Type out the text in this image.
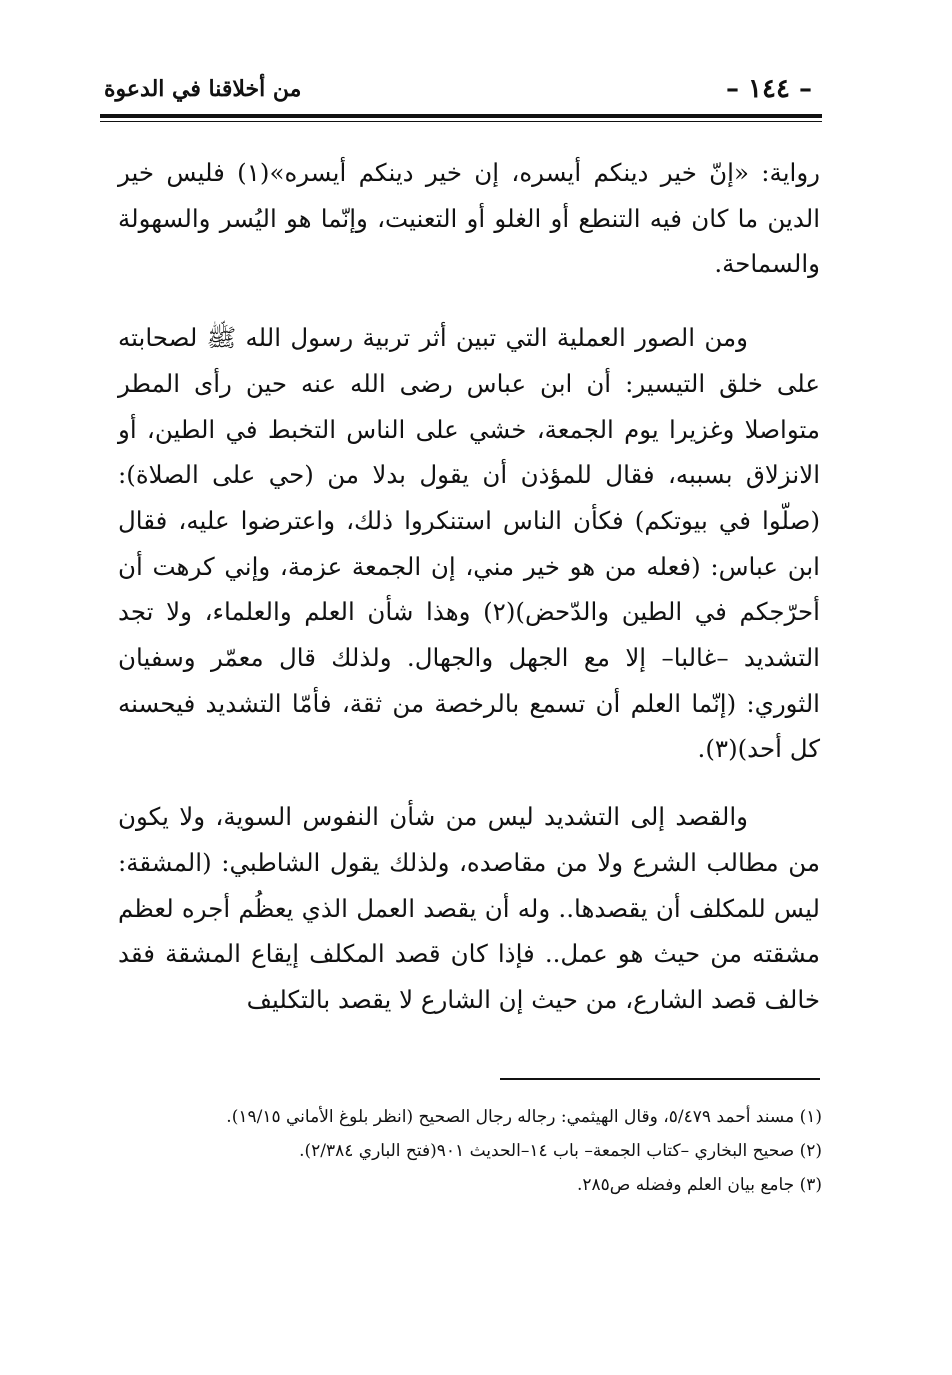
– ١٤٤ –
من أخلاقنا في الدعوة

رواية: «إنّ خير دينكم أيسره، إن خير دينكم أيسره»(١) فليس خير الدين ما كان فيه التنطع أو الغلو أو التعنيت، وإنّما هو اليُسر والسهولة والسماحة.

ومن الصور العملية التي تبين أثر تربية رسول الله ﷺ لصحابته على خلق التيسير: أن ابن عباس رضى الله عنه حين رأى المطر متواصلا وغزيرا يوم الجمعة، خشي على الناس التخبط في الطين، أو الانزلاق بسببه، فقال للمؤذن أن يقول بدلا من (حي على الصلاة): (صلّوا في بيوتكم) فكأن الناس استنكروا ذلك، واعترضوا عليه، فقال ابن عباس: (فعله من هو خير مني، إن الجمعة عزمة، وإني كرهت أن أحرّجكم في الطين والدّحض)(٢) وهذا شأن العلم والعلماء، ولا تجد التشديد –غالبا– إلا مع الجهل والجهال. ولذلك قال معمّر وسفيان الثوري: (إنّما العلم أن تسمع بالرخصة من ثقة، فأمّا التشديد فيحسنه كل أحد)(٣).

والقصد إلى التشديد ليس من شأن النفوس السوية، ولا يكون من مطالب الشرع ولا من مقاصده، ولذلك يقول الشاطبي: (المشقة: ليس للمكلف أن يقصدها.. وله أن يقصد العمل الذي يعظُم أجره لعظم مشقته من حيث هو عمل.. فإذا كان قصد المكلف إيقاع المشقة فقد خالف قصد الشارع، من حيث إن الشارع لا يقصد بالتكليف

(١) مسند أحمد ٥/٤٧٩، وقال الهيثمي: رجاله رجال الصحيح (انظر بلوغ الأماني ١٩/١٥).

(٢) صحيح البخاري –كتاب الجمعة– باب ١٤–الحديث ٩٠١(فتح الباري ٢/٣٨٤).

(٣) جامع بيان العلم وفضله ص٢٨٥.
